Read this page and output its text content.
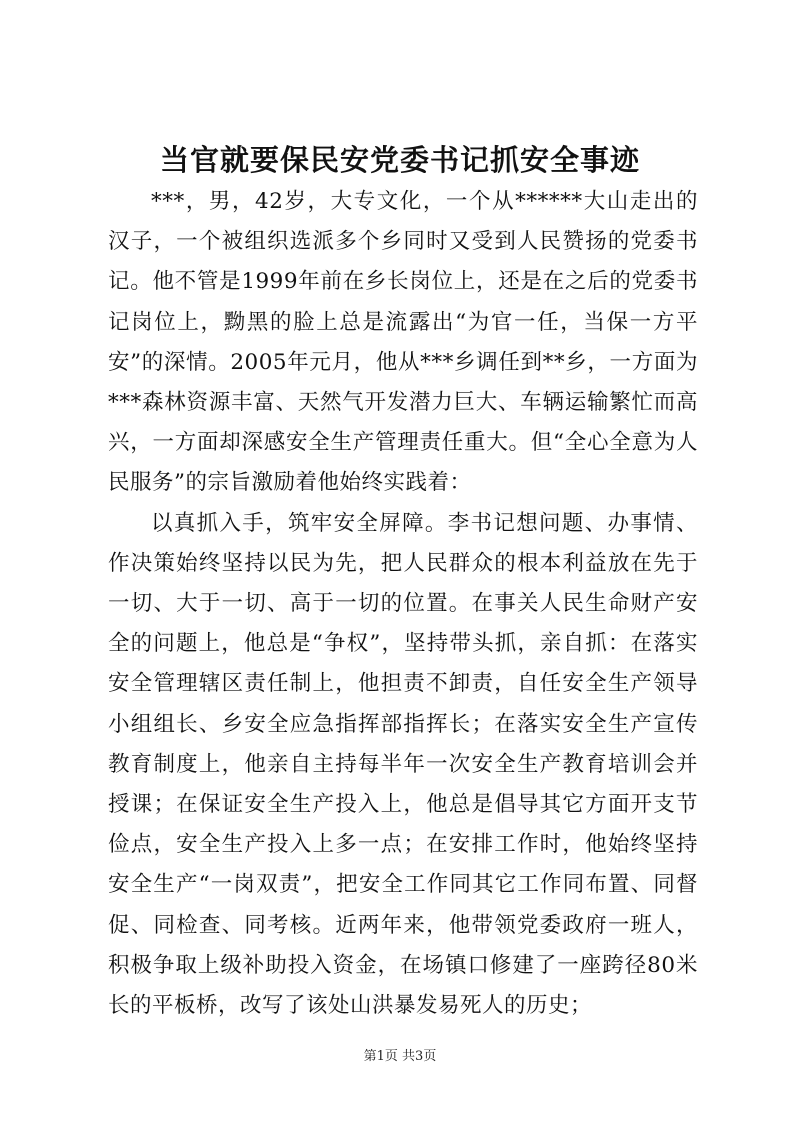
当官就要保民安党委书记抓安全事迹

***，男，42岁，大专文化，一个从******大山走出的汉子，一个被组织选派多个乡同时又受到人民赞扬的党委书记。他不管是1999年前在乡长岗位上，还是在之后的党委书记岗位上，黝黑的脸上总是流露出“为官一任，当保一方平安”的深情。2005年元月，他从***乡调任到**乡，一方面为***森林资源丰富、天然气开发潜力巨大、车辆运输繁忙而高兴，一方面却深感安全生产管理责任重大。但“全心全意为人民服务”的宗旨激励着他始终实践着：

以真抓入手，筑牢安全屏障。李书记想问题、办事情、作决策始终坚持以民为先，把人民群众的根本利益放在先于一切、大于一切、高于一切的位置。在事关人民生命财产安全的问题上，他总是“争权”，坚持带头抓，亲自抓：在落实安全管理辖区责任制上，他担责不卸责，自任安全生产领导小组组长、乡安全应急指挥部指挥长；在落实安全生产宣传教育制度上，他亲自主持每半年一次安全生产教育培训会并授课；在保证安全生产投入上，他总是倡导其它方面开支节俭点，安全生产投入上多一点；在安排工作时，他始终坚持安全生产“一岗双责”，把安全工作同其它工作同布置、同督促、同检查、同考核。近两年来，他带领党委政府一班人，积极争取上级补助投入资金，在场镇口修建了一座跨径80米长的平板桥，改写了该处山洪暴发易死人的历史；

第1页 共3页
